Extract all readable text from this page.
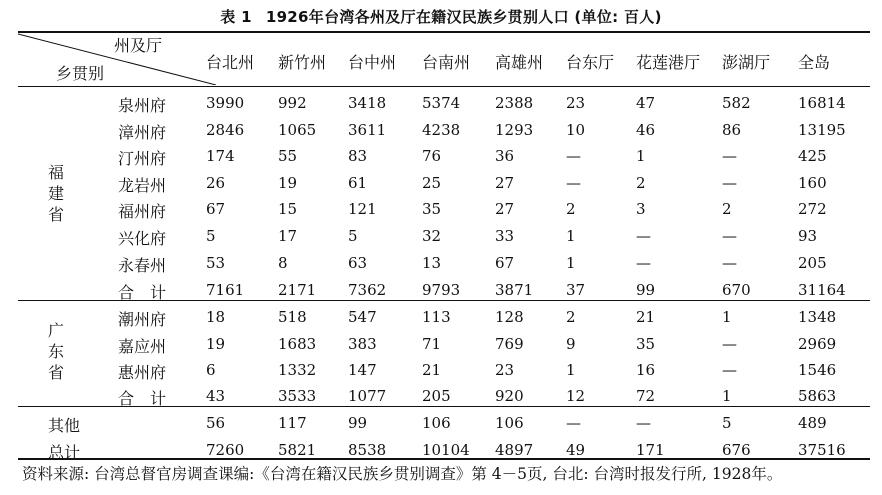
表 1 1926年台湾各州及厅在籍汉民族乡贯别人口 (单位: 百人)
州及厅
乡贯别
台北州 新竹州 台中州 台南州 高雄州 台东厅 花莲港厅 澎湖厅 全岛
福
建
省
泉州府	3990 992	3418 5374 2388 23	47	582	16814
漳州府	2846 1065 3611 4238 1293 10	46	86	13195
汀州府	174	55	83	76	36	—	1	—	425
龙岩州	26	19	61	25	27	—	2	—	160
福州府	67	15	121	35	27	2	3	2	272
兴化府	5	17	5	32	33	1	—	—	93
永春州	53	8	63	13	67	1	—	—	205
合　计	7161 2171 7362 9793 3871 37	99	670	31164
广
东
省
潮州府	18	518	547	113	128	2	21	1	1348
嘉应州	19	1683 383	71	769	9	35	—	2969
惠州府	6	1332 147	21	23	1	16	—	1546
合　计	43	3533 1077 205	920	12	72	1	5863
其他	56	117	99	106	106	—	—	5	489
总计	7260 5821 8538 10104 4897 49	171	676	37516
资料来源: 台湾总督官房调查课编:《台湾在籍汉民族乡贯别调查》第 4－5页, 台北: 台湾时报发行所, 1928年。
